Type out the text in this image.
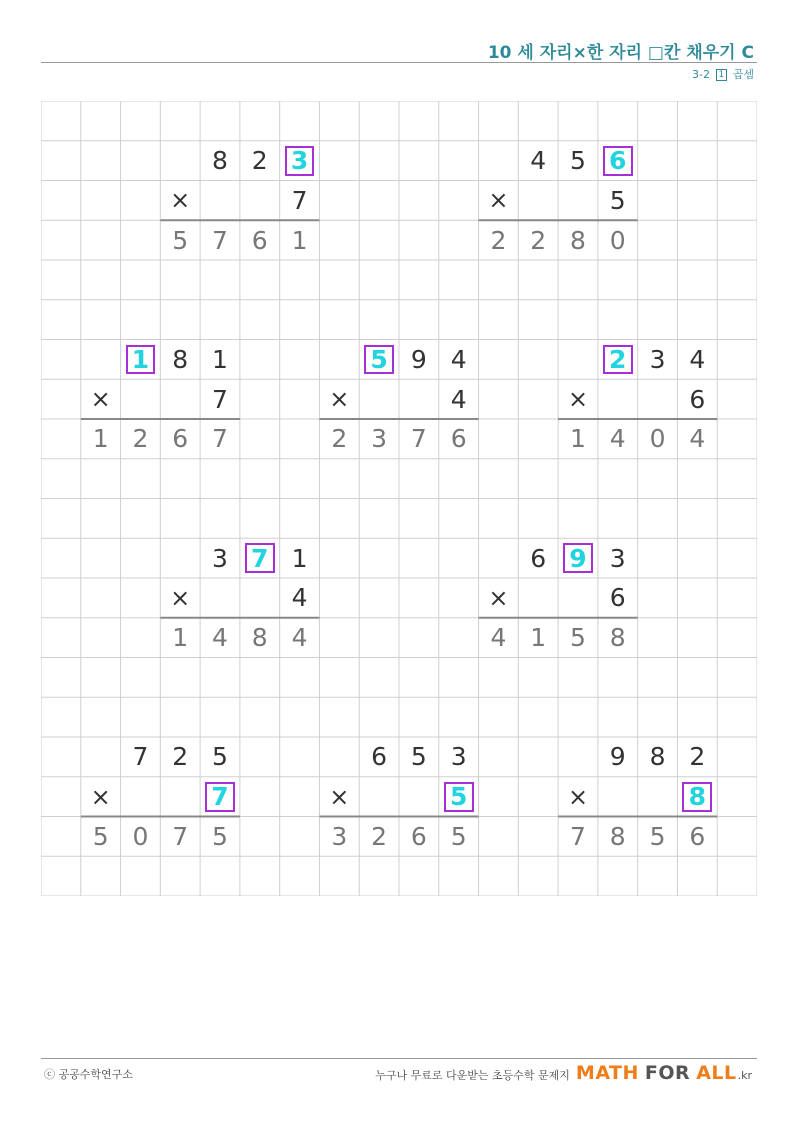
10 세 자리×한 자리 □칸 채우기 C
3-2 1 곱셈
8 2 3
×	7
5 7 6 1
4 5 6
×	5
2 2 8 0
1 8 1
×	7
1 2 6 7
5 9 4
×	4
2 3 7 6
2 3 4
×	6
1 4 0 4
3 7 1
×	4
1 4 8 4
6 9 3
×	6
4 1 5 8
7 2 5
×	7
5 0 7 5
6 5 3
×	5
3 2 6 5
9 8 2
×	8
7 8 5 6
ⓒ 공공수학연구소	누구나 무료로 다운받는 초등수학 문제지 MATH FOR ALL .kr
